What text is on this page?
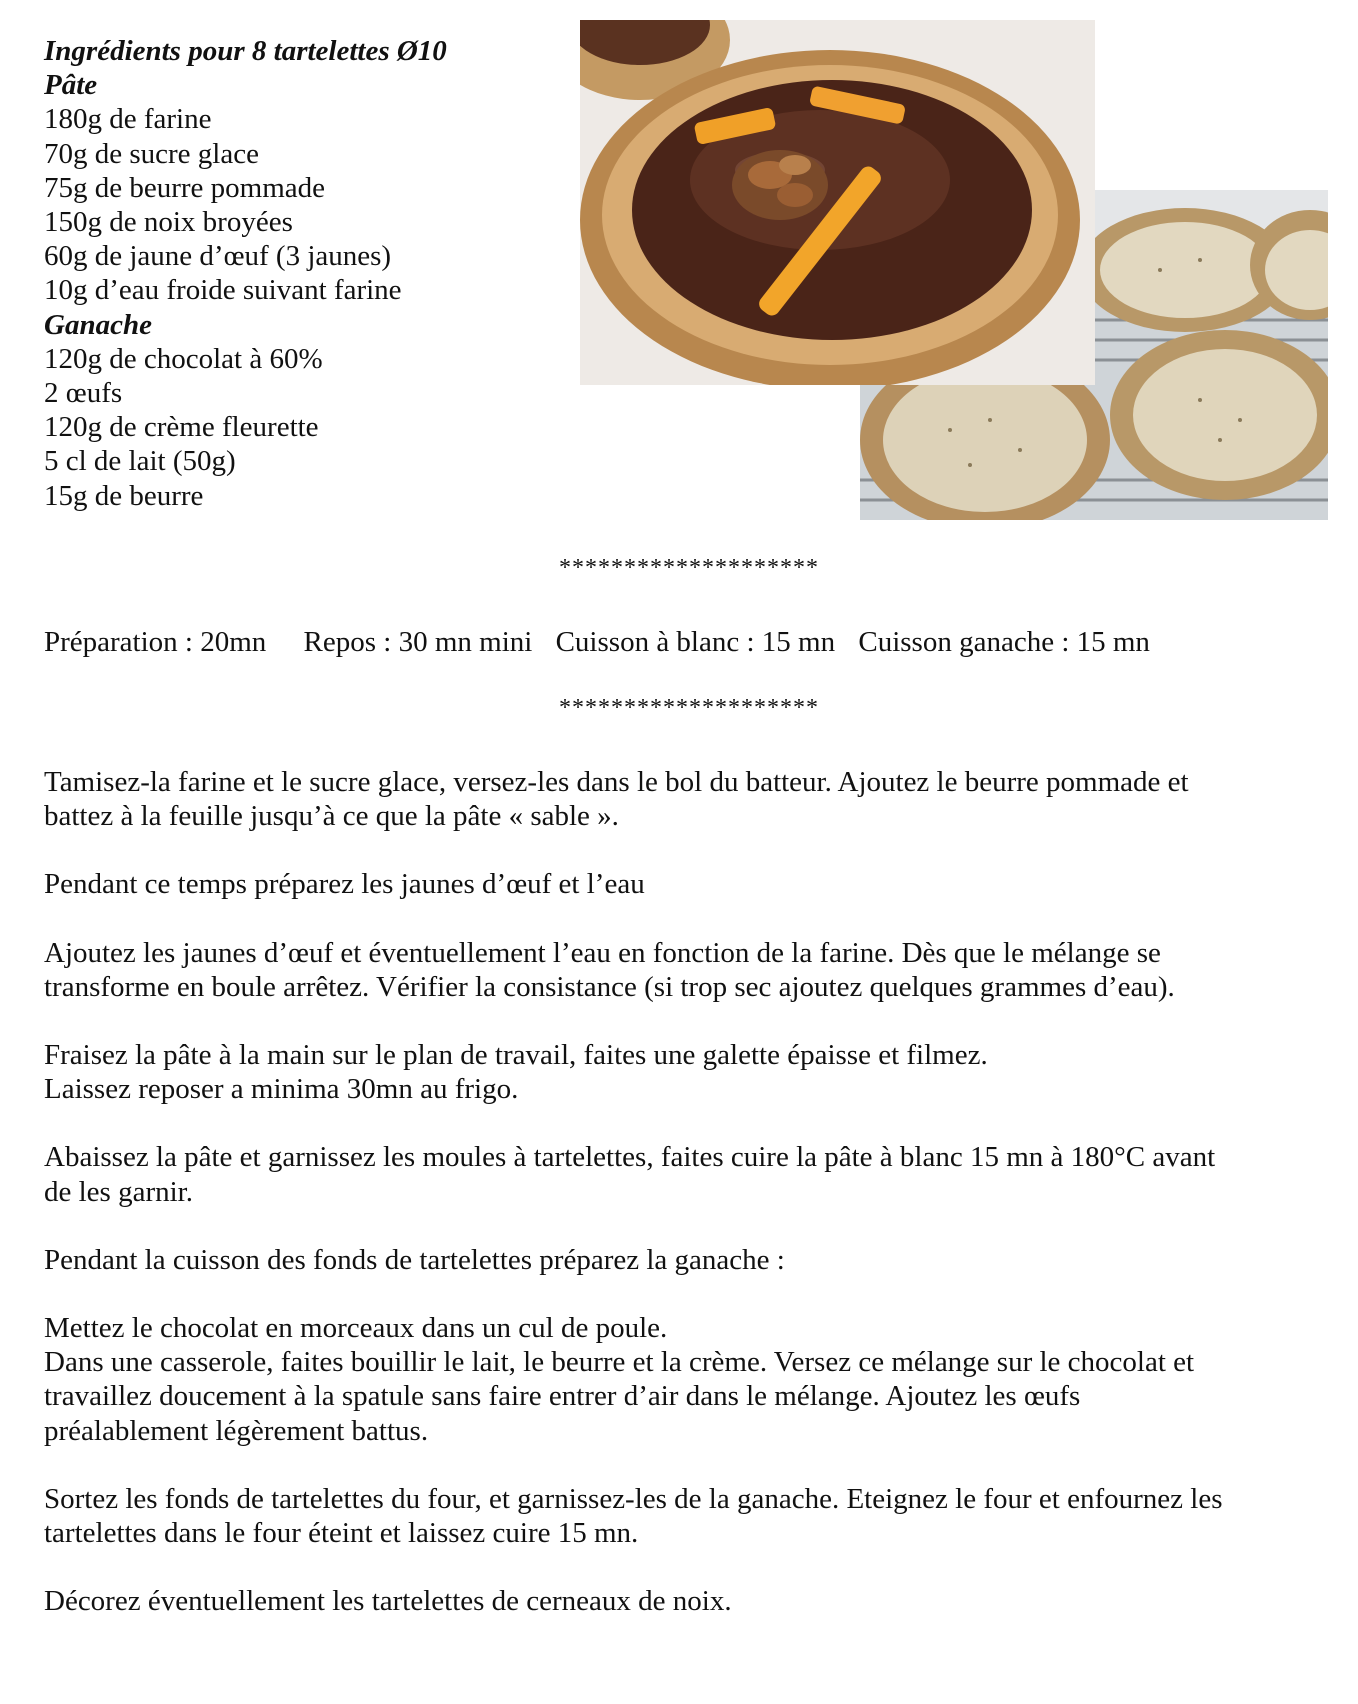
Ingrédients pour 8 tartelettes Ø10
Pâte
180g de farine
70g de sucre glace
75g de beurre pommade
150g de noix broyées
60g de jaune d’œuf (3 jaunes)
10g d’eau froide suivant farine
Ganache
120g de chocolat à 60%
2 œufs
120g de crème fleurette
5 cl de lait (50g)
15g de beurre
********************
Préparation : 20mn Repos : 30 mn mini Cuisson à blanc : 15 mn Cuisson ganache : 15 mn
********************

Tamisez-la farine et le sucre glace, versez-les dans le bol du batteur. Ajoutez le beurre pommade et battez à la feuille jusqu’à ce que la pâte « sable ».

Pendant ce temps préparez les jaunes d’œuf et l’eau

Ajoutez les jaunes d’œuf et éventuellement l’eau en fonction de la farine. Dès que le mélange se transforme en boule arrêtez. Vérifier la consistance (si trop sec ajoutez quelques grammes d’eau).

Fraisez la pâte à la main sur le plan de travail, faites une galette épaisse et filmez.
Laissez reposer a minima 30mn au frigo.

Abaissez la pâte et garnissez les moules à tartelettes, faites cuire la pâte à blanc 15 mn à 180°C avant de les garnir.

Pendant la cuisson des fonds de tartelettes préparez la ganache :

Mettez le chocolat en morceaux dans un cul de poule.
Dans une casserole, faites bouillir le lait, le beurre et la crème. Versez ce mélange sur le chocolat et travaillez doucement à la spatule sans faire entrer d’air dans le mélange. Ajoutez les œufs préalablement légèrement battus.

Sortez les fonds de tartelettes du four, et garnissez-les de la ganache. Eteignez le four et enfournez les tartelettes dans le four éteint et laissez cuire 15 mn.

Décorez éventuellement les tartelettes de cerneaux de noix.
